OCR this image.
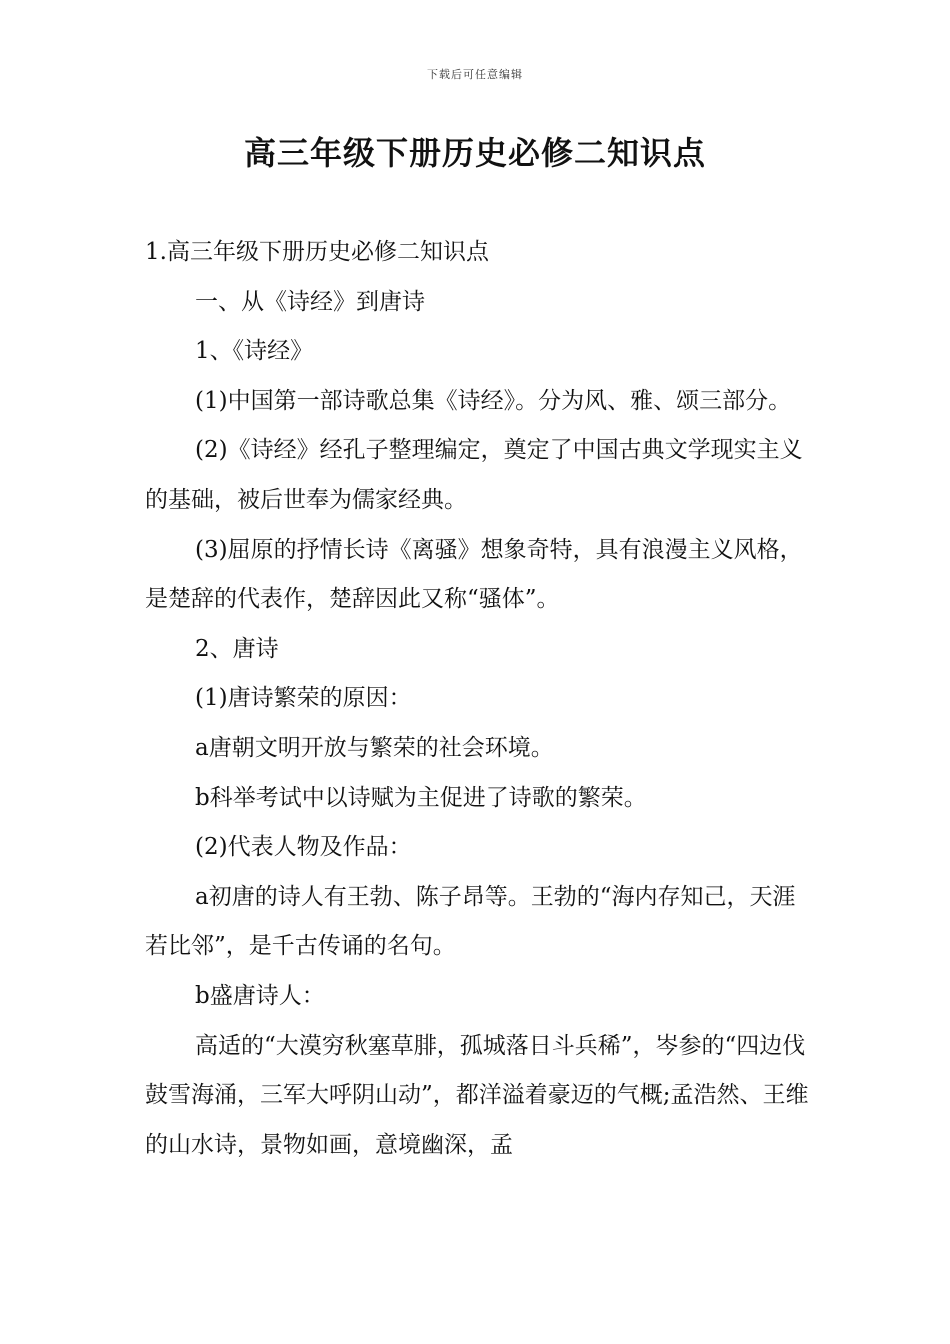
下载后可任意编辑
高三年级下册历史必修二知识点

1.高三年级下册历史必修二知识点

一、从《诗经》到唐诗

1、《诗经》

(1)中国第一部诗歌总集《诗经》。分为风、雅、颂三部分。

(2)《诗经》经孔子整理编定，奠定了中国古典文学现实主义的基础，被后世奉为儒家经典。

(3)屈原的抒情长诗《离骚》想象奇特，具有浪漫主义风格，是楚辞的代表作，楚辞因此又称“骚体”。

2、唐诗

(1)唐诗繁荣的原因：

a唐朝文明开放与繁荣的社会环境。

b科举考试中以诗赋为主促进了诗歌的繁荣。

(2)代表人物及作品：

a初唐的诗人有王勃、陈子昂等。王勃的“海内存知己，天涯若比邻”，是千古传诵的名句。

b盛唐诗人：

高适的“大漠穷秋塞草腓，孤城落日斗兵稀”，岑参的“四边伐鼓雪海涌，三军大呼阴山动”，都洋溢着豪迈的气概;孟浩然、王维的山水诗，景物如画，意境幽深，孟
